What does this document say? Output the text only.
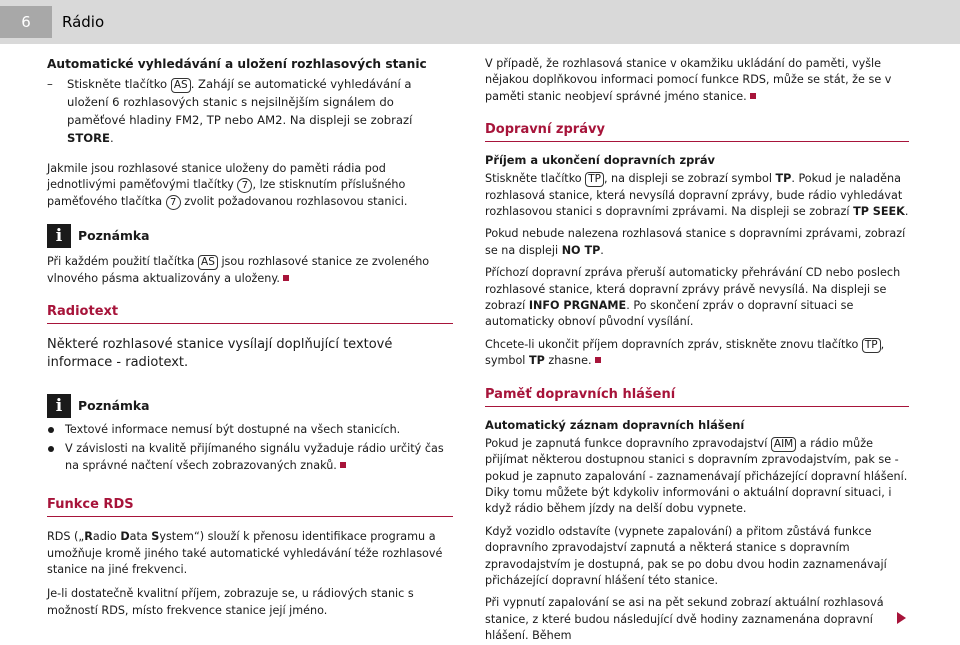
6	Rádio
Automatické vyhledávání a uložení rozhlasových stanic
– Stiskněte tlačítko AS . Zahájí se automatické vyhledávání a uložení 6 rozhlasových stanic s nejsilnějším signálem do paměťové hladiny FM2, TP nebo AM2. Na displeji se zobrazí STORE.
Jakmile jsou rozhlasové stanice uloženy do paměti rádia pod jednotlivými paměťovými tlačítky 7 , lze stisknutím příslušného paměťového tlačítka 7 zvolit požadovanou rozhlasovou stanici.
i	Poznámka
Při každém použití tlačítka AS jsou rozhlasové stanice ze zvoleného vlnového pásma aktualizovány a uloženy.
Radiotext
Některé rozhlasové stanice vysílají doplňující textové informace - radiotext.
i	Poznámka
Textové informace nemusí být dostupné na všech stanicích.
V závislosti na kvalitě přijímaného signálu vyžaduje rádio určitý čas na správné načtení všech zobrazovaných znaků.
Funkce RDS
RDS („Radio Data System“) slouží k přenosu identifikace programu a umožňuje kromě jiného také automatické vyhledávání téže rozhlasové stanice na jiné frekvenci.
Je-li dostatečně kvalitní příjem, zobrazuje se, u rádiových stanic s možností RDS, místo frekvence stanice její jméno.
V případě, že rozhlasová stanice v okamžiku ukládání do paměti, vyšle nějakou doplňkovou informaci pomocí funkce RDS, může se stát, že se v paměti stanic neobjeví správné jméno stanice.
Dopravní zprávy
Příjem a ukončení dopravních zpráv
Stiskněte tlačítko TP , na displeji se zobrazí symbol TP. Pokud je naladěna rozhlasová stanice, která nevysílá dopravní zprávy, bude rádio vyhledávat rozhlasovou stanici s dopravními zprávami. Na displeji se zobrazí TP SEEK.
Pokud nebude nalezena rozhlasová stanice s dopravními zprávami, zobrazí se na displeji NO TP.
Příchozí dopravní zpráva přeruší automaticky přehrávání CD nebo poslech rozhlasové stanice, která dopravní zprávy právě nevysílá. Na displeji se zobrazí INFO PRGNAME. Po skončení zpráv o dopravní situaci se automaticky obnoví původní vysílání.
Chcete-li ukončit příjem dopravních zpráv, stiskněte znovu tlačítko TP , symbol TP zhasne.
Paměť dopravních hlášení
Automatický záznam dopravních hlášení
Pokud je zapnutá funkce dopravního zpravodajství AIM a rádio může přijímat některou dostupnou stanici s dopravním zpravodajstvím, pak se - pokud je zapnuto zapalování - zaznamenávají přicházející dopravní hlášení. Diky tomu můžete být kdykoliv informováni o aktuální dopravní situaci, i když rádio během jízdy na delší dobu vypnete.
Když vozidlo odstavíte (vypnete zapalování) a přitom zůstává funkce dopravního zpravodajství zapnutá a některá stanice s dopravním zpravodajstvím je dostupná, pak se po dobu dvou hodin zaznamenávají přicházející dopravní hlášení této stanice.
Při vypnutí zapalování se asi na pět sekund zobrazí aktuální rozhlasová stanice, z které budou následující dvě hodiny zaznamenána dopravní hlášení. Během
